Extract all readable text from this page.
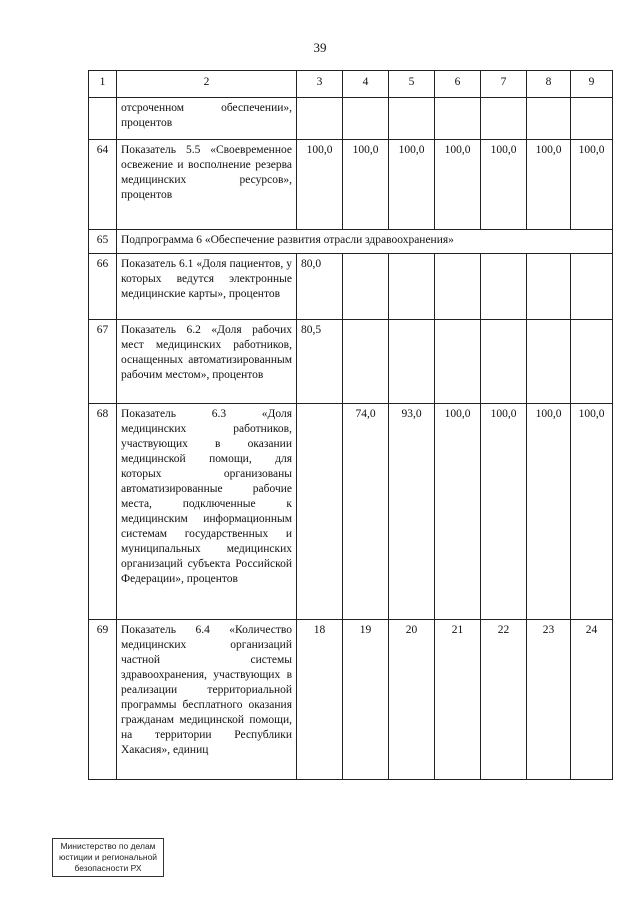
39
1	2	3	4	5	6	7	8	9
	отсроченном обеспечении», процентов							
64	Показатель 5.5 «Своевременное освежение и восполнение резерва медицинских ресурсов», процентов	100,0	100,0	100,0	100,0	100,0	100,0	100,0
65	Подпрограмма 6 «Обеспечение развития отрасли здравоохранения»							
66	Показатель 6.1 «Доля пациентов, у которых ведутся электронные медицинские карты», процентов	80,0						
67	Показатель 6.2 «Доля рабочих мест медицинских работников, оснащенных автоматизированным рабочим местом», процентов	80,5						
68	Показатель 6.3 «Доля медицинских работников, участвующих в оказании медицинской помощи, для которых организованы автоматизированные рабочие места, подключенные к медицинским информационным системам государственных и муниципальных медицинских организаций субъекта Российской Федерации», процентов		74,0	93,0	100,0	100,0	100,0	100,0
69	Показатель 6.4 «Количество медицинских организаций частной системы здравоохранения, участвующих в реализации территориальной программы бесплатного оказания гражданам медицинской помощи, на территории Республики Хакасия», единиц	18	19	20	21	22	23	24
Министерство по делам
юстиции и региональной
безопасности РХ
